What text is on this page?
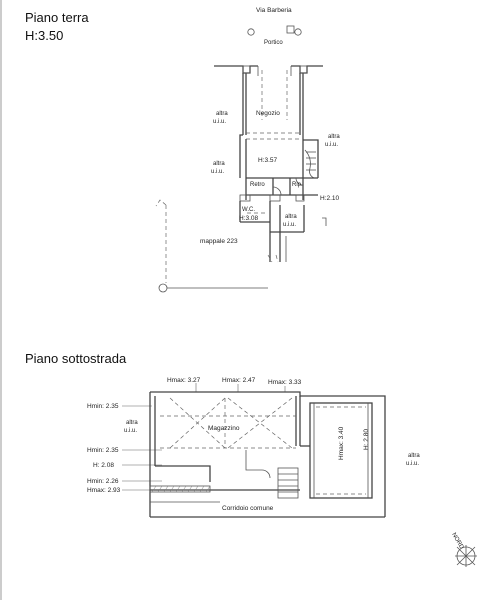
Piano terra
H:3.50
Via Barberia
Portico
altra
u.i.u.
Negozio
altra
u.i.u.
altra
u.i.u.
H:3.57
Retro	Rip.
H:2.10
W.C.
H:3.08	altra
u.i.u.
mappale 223
Piano sottostrada
Hmax: 3.27	Hmax: 2.47 Hmax: 3.33
Hmin: 2.35
Hmin: 2.35
H: 2.08
Hmin: 2.26
Hmax: 2.93
Hmax: 3.40	H: 2.80
altra
u.i.u.	Magazzino
altra
u.i.u.
Corridoio comune
NORD
